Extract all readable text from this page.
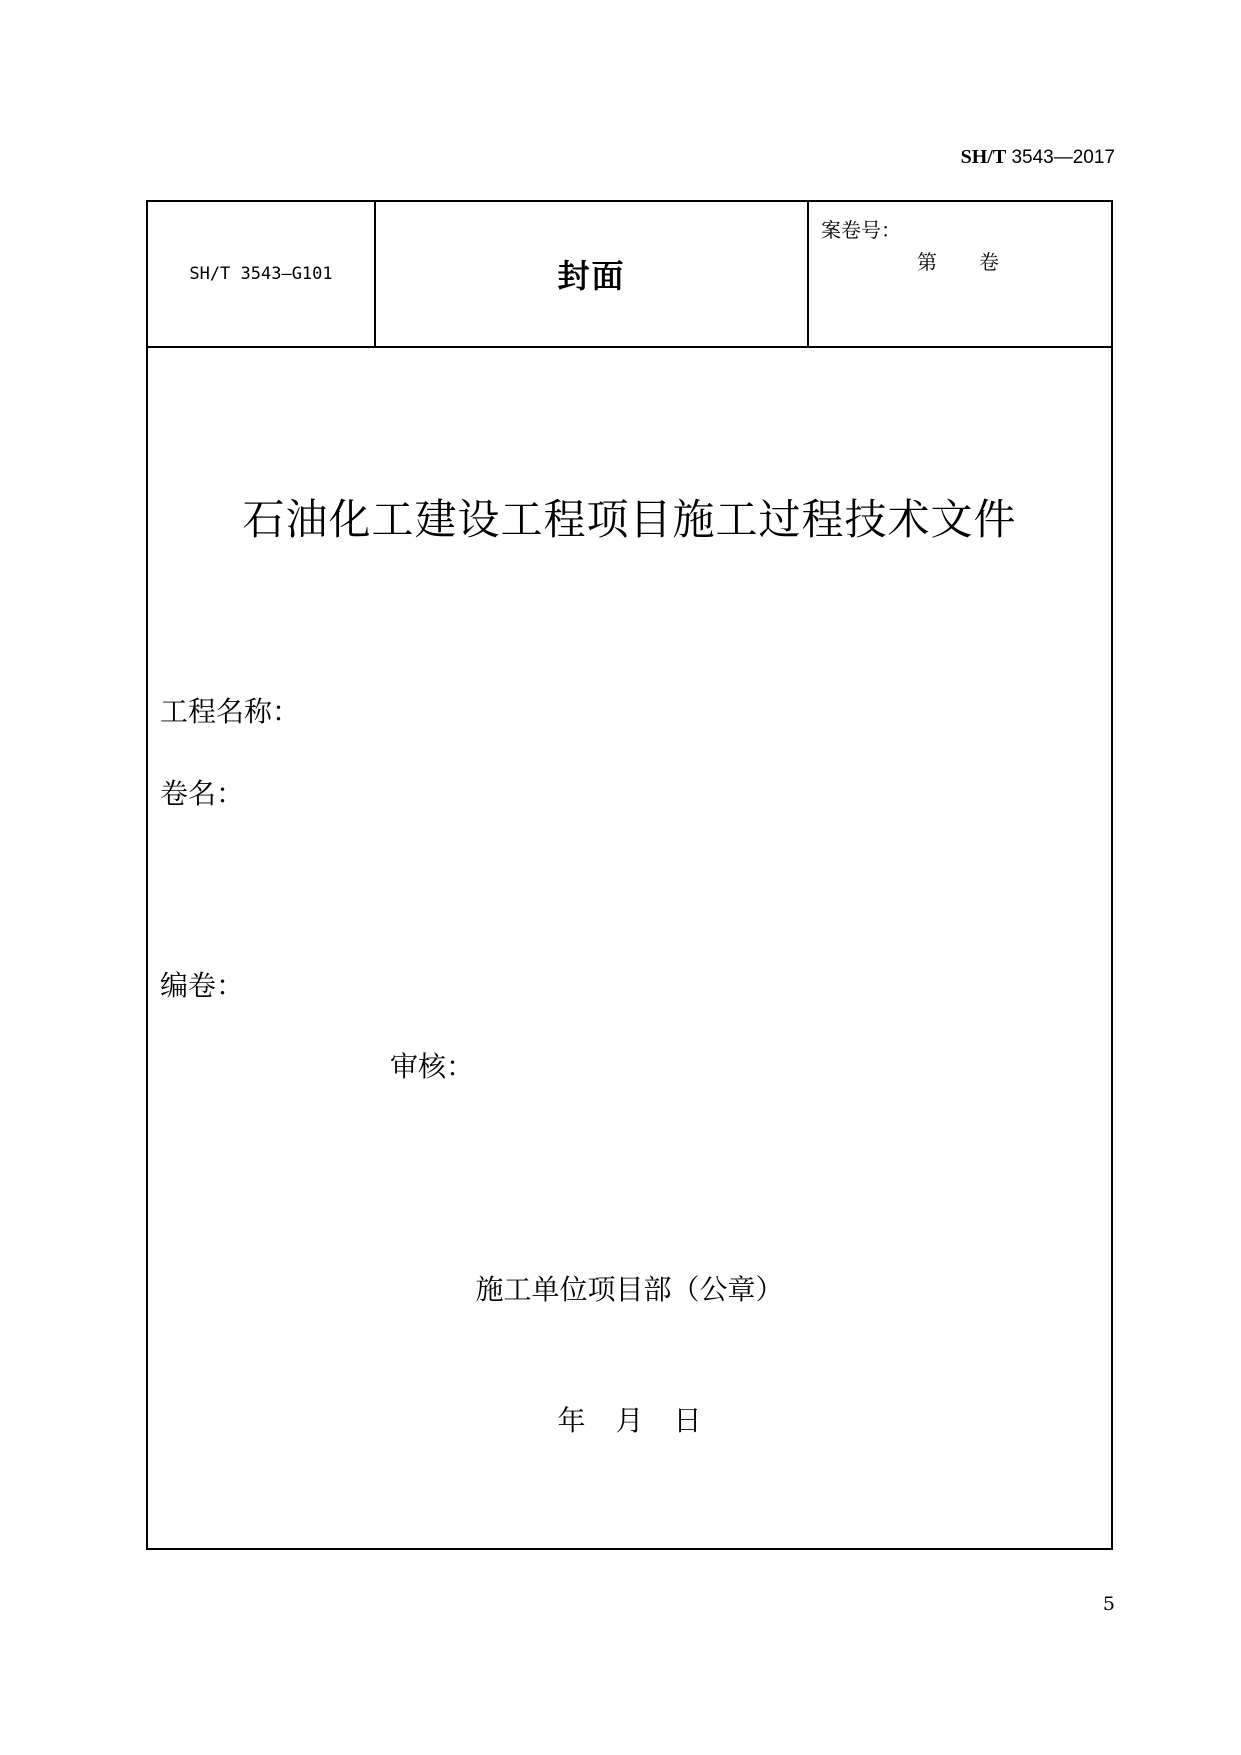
SH/T 3543—2017
SH/T 3543—G101	封面
案卷号：
第 卷
石油化工建设工程项目施工过程技术文件
工程名称：
卷名：
编卷：
审核：
施工单位项目部（公章）
年 月 日
5
